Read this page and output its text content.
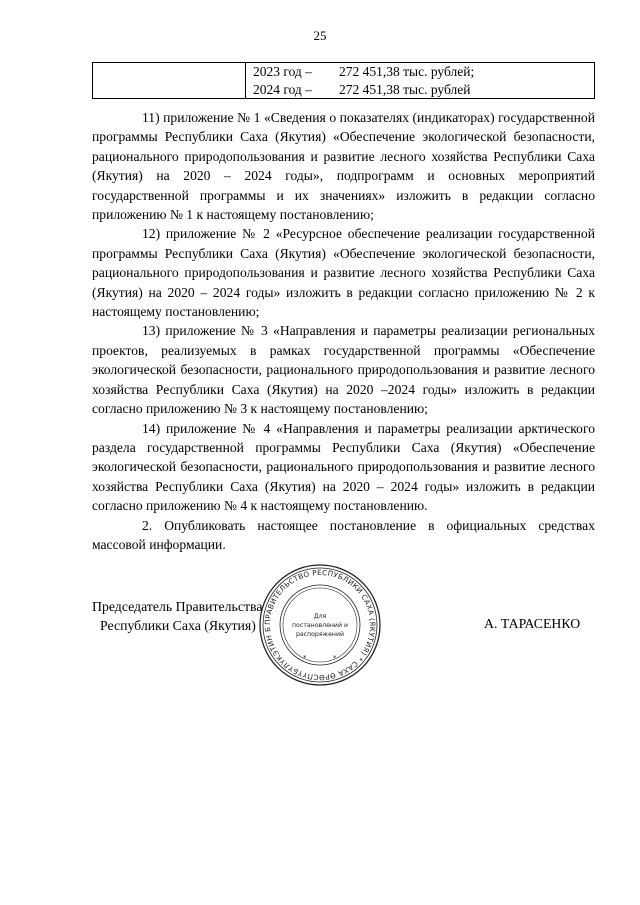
25
2023 год – 272 451,38 тыс. рублей;
2024 год – 272 451,38 тыс. рублей

11) приложение № 1 «Сведения о показателях (индикаторах) государственной программы Республики Саха (Якутия) «Обеспечение экологической безопасности, рационального природопользования и развитие лесного хозяйства Республики Саха (Якутия) на 2020 – 2024 годы», подпрограмм и основных мероприятий государственной программы и их значениях» изложить в редакции согласно приложению № 1 к настоящему постановлению;

12) приложение № 2 «Ресурсное обеспечение реализации государственной программы Республики Саха (Якутия) «Обеспечение экологической безопасности, рационального природопользования и развитие лесного хозяйства Республики Саха (Якутия) на 2020 – 2024 годы» изложить в редакции согласно приложению № 2 к настоящему постановлению;

13) приложение № 3 «Направления и параметры реализации региональных проектов, реализуемых в рамках государственной программы «Обеспечение экологической безопасности, рационального природопользования и развитие лесного хозяйства Республики Саха (Якутия) на 2020 –2024 годы» изложить в редакции согласно приложению № 3 к настоящему постановлению;

14) приложение № 4 «Направления и параметры реализации арктического раздела государственной программы Республики Саха (Якутия) «Обеспечение экологической безопасности, рационального природопользования и развитие лесного хозяйства Республики Саха (Якутия) на 2020 – 2024 годы» изложить в редакции согласно приложению № 4 к настоящему постановлению.

2. Опубликовать настоящее постановление в официальных средствах массовой информации.

Председатель Правительства
Республики Саха (Якутия)	А. ТАРАСЕНКО
ПРАВИТЕЛЬСТВО РЕСПУБЛИКИ САХА (ЯКУТИЯ) * САХА ӨРӨСПҮҮБҮЛҮКЭТИН Б
Для
постановлений и
распоряжений
*	*
